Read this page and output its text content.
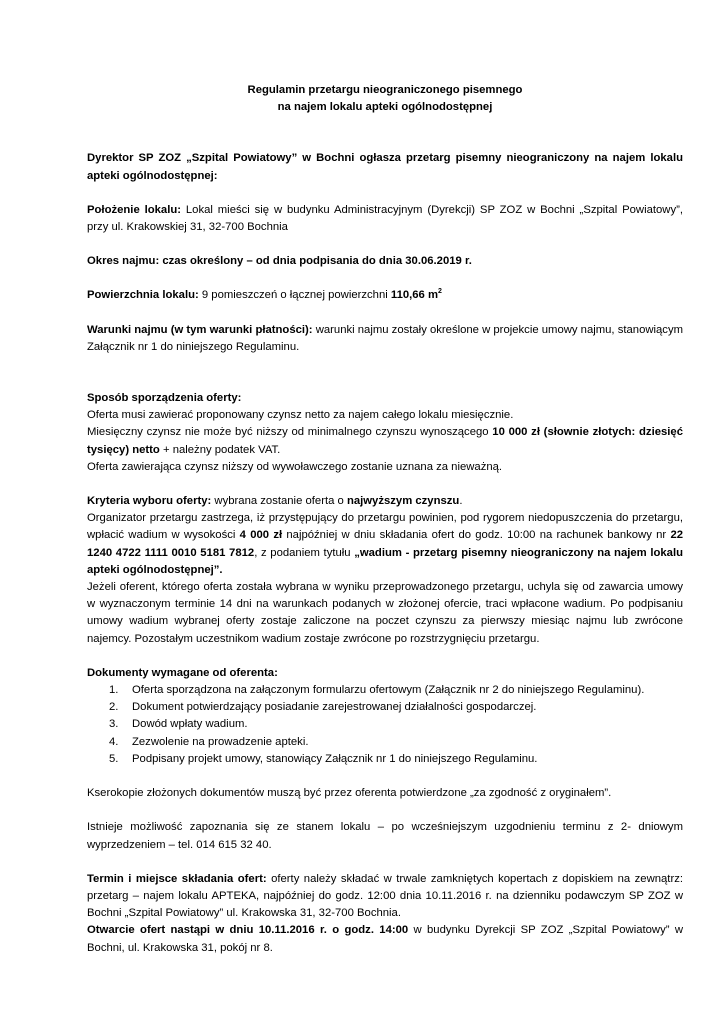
Regulamin przetargu nieograniczonego pisemnego
na najem lokalu apteki ogólnodostępnej

Dyrektor SP ZOZ „Szpital Powiatowy” w Bochni ogłasza przetarg pisemny nieograniczony na najem lokalu apteki ogólnodostępnej:

Położenie lokalu: Lokal mieści się w budynku Administracyjnym (Dyrekcji) SP ZOZ w Bochni „Szpital Powiatowy”, przy ul. Krakowskiej 31, 32-700 Bochnia

Okres najmu: czas określony – od dnia podpisania do dnia 30.06.2019 r.

Powierzchnia lokalu: 9 pomieszczeń o łącznej powierzchni 110,66 $m^2$

Warunki najmu (w tym warunki płatności): warunki najmu zostały określone w projekcie umowy najmu, stanowiącym Załącznik nr 1 do niniejszego Regulaminu.

Sposób sporządzenia oferty:

Oferta musi zawierać proponowany czynsz netto za najem całego lokalu miesięcznie.

Miesięczny czynsz nie może być niższy od minimalnego czynszu wynoszącego 10 000 zł (słownie złotych: dziesięć tysięcy) netto + należny podatek VAT.

Oferta zawierająca czynsz niższy od wywoławczego zostanie uznana za nieważną.

Kryteria wyboru oferty: wybrana zostanie oferta o najwyższym czynszu.

Organizator przetargu zastrzega, iż przystępujący do przetargu powinien, pod rygorem niedopuszczenia do przetargu, wpłacić wadium w wysokości 4 000 zł najpóźniej w dniu składania ofert do godz. 10:00 na rachunek bankowy nr 22 1240 4722 1111 0010 5181 7812, z podaniem tytułu „wadium - przetarg pisemny nieograniczony na najem lokalu apteki ogólnodostępnej”.

Jeżeli oferent, którego oferta została wybrana w wyniku przeprowadzonego przetargu, uchyla się od zawarcia umowy w wyznaczonym terminie 14 dni na warunkach podanych w złożonej ofercie, traci wpłacone wadium. Po podpisaniu umowy wadium wybranej oferty zostaje zaliczone na poczet czynszu za pierwszy miesiąc najmu lub zwrócone najemcy. Pozostałym uczestnikom wadium zostaje zwrócone po rozstrzygnięciu przetargu.

Dokumenty wymagane od oferenta:

1. Oferta sporządzona na załączonym formularzu ofertowym (Załącznik nr 2 do niniejszego Regulaminu).
2. Dokument potwierdzający posiadanie zarejestrowanej działalności gospodarczej.
3. Dowód wpłaty wadium.
4. Zezwolenie na prowadzenie apteki.
5. Podpisany projekt umowy, stanowiący Załącznik nr 1 do niniejszego Regulaminu.

Kserokopie złożonych dokumentów muszą być przez oferenta potwierdzone „za zgodność z oryginałem”.

Istnieje możliwość zapoznania się ze stanem lokalu – po wcześniejszym uzgodnieniu terminu z 2- dniowym wyprzedzeniem – tel. 014 615 32 40.

Termin i miejsce składania ofert: oferty należy składać w trwale zamkniętych kopertach z dopiskiem na zewnątrz: przetarg – najem lokalu APTEKA, najpóźniej do godz. 12:00 dnia 10.11.2016 r. na dzienniku podawczym SP ZOZ w Bochni „Szpital Powiatowy” ul. Krakowska 31, 32-700 Bochnia.

Otwarcie ofert nastąpi w dniu 10.11.2016 r. o godz. 14:00 w budynku Dyrekcji SP ZOZ „Szpital Powiatowy” w Bochni, ul. Krakowska 31, pokój nr 8.
